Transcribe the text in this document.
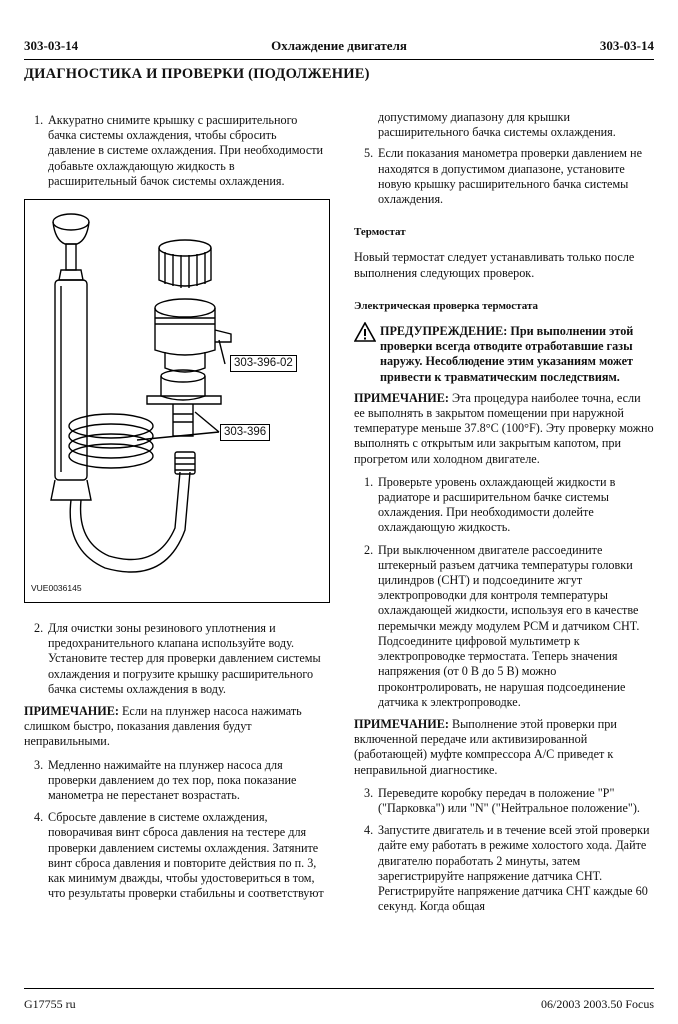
303-03-14	Охлаждение двигателя	303-03-14
ДИАГНОСТИКА И ПРОВЕРКИ (ПОДОЛЖЕНИЕ)
1. Аккуратно снимите крышку с расширительного бачка системы охлаждения, чтобы сбросить давление в системе охлаждения. При необходимости добавьте охлаждающую жидкость в расширительный бачок системы охлаждения.
303-396-02
303-396
VUE0036145
2. Для очистки зоны резинового уплотнения и предохранительного клапана используйте воду. Установите тестер для проверки давлением системы охлаждения и погрузите крышку расширительного бачка системы охлаждения в воду.

ПРИМЕЧАНИЕ: Если на плунжер насоса нажимать слишком быстро, показания давления будут неправильными.

3. Медленно нажимайте на плунжер насоса для проверки давлением до тех пор, пока показание манометра не перестанет возрастать.
4. Сбросьте давление в системе охлаждения, поворачивая винт сброса давления на тестере для проверки давлением системы охлаждения. Затяните винт сброса давления и повторите действия по п. 3, как минимум дважды, чтобы удостовериться в том, что результаты проверки стабильны и соответствуют
допустимому диапазону для крышки расширительного бачка системы охлаждения.
5. Если показания манометра проверки давлением не находятся в допустимом диапазоне, установите новую крышку расширительного бачка системы охлаждения.
Термостат

Новый термостат следует устанавливать только после выполнения следующих проверок.

Электрическая проверка термостата
ПРЕДУПРЕЖДЕНИЕ: При выполнении этой проверки всегда отводите отработавшие газы наружу. Несоблюдение этим указаниям может привести к травматическим последствиям.

ПРИМЕЧАНИЕ: Эта процедура наиболее точна, если ее выполнять в закрытом помещении при наружной температуре меньше 37.8°C (100°F). Эту проверку можно выполнять с открытым или закрытым капотом, при прогретом или холодном двигателе.

1. Проверьте уровень охлаждающей жидкости в радиаторе и расширительном бачке системы охлаждения. При необходимости долейте охлаждающую жидкость.
2. При выключенном двигателе рассоедините штекерный разъем датчика температуры головки цилиндров (CHT) и подсоедините жгут электропроводки для контроля температуры охлаждающей жидкости, используя его в качестве перемычки между модулем PCM и датчиком CHT. Подсоедините цифровой мультиметр к электропроводке термостата. Теперь значения напряжения (от 0 В до 5 В) можно проконтролировать, не нарушая подсоединение датчика к электропроводке.

ПРИМЕЧАНИЕ: Выполнение этой проверки при включенной передаче или активизированной (работающей) муфте компрессора A/C приведет к неправильной диагностике.

3. Переведите коробку передач в положение "P" ("Парковка") или "N" ("Нейтральное положение").
4. Запустите двигатель и в течение всей этой проверки дайте ему работать в режиме холостого хода. Дайте двигателю поработать 2 минуты, затем зарегистрируйте напряжение датчика CHT. Регистрируйте напряжение датчика CHT каждые 60 секунд. Когда общая
G17755 ru	06/2003 2003.50 Focus
